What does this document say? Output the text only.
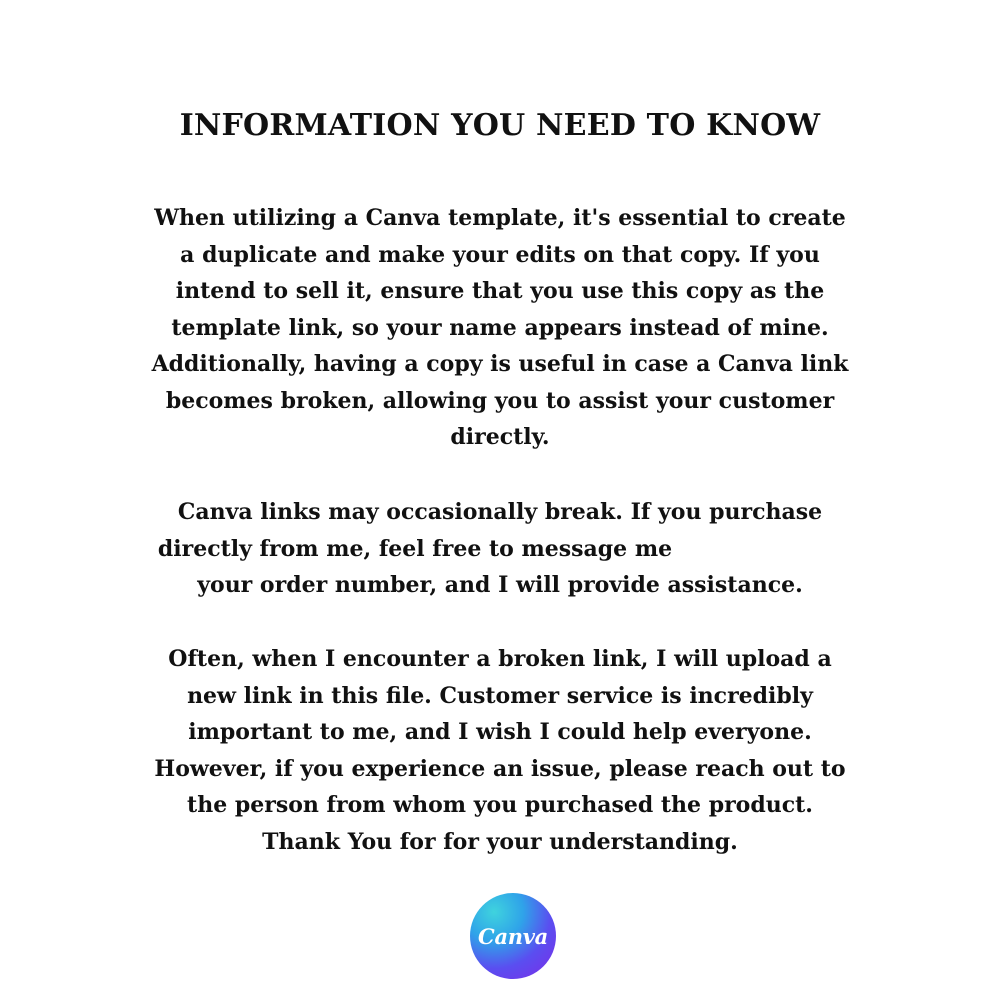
INFORMATION YOU NEED TO KNOW
When utilizing a Canva template, it's essential to create
a duplicate and make your edits on that copy. If you
intend to sell it, ensure that you use this copy as the
template link, so your name appears instead of mine.
Additionally, having a copy is useful in case a Canva link
becomes broken, allowing you to assist your customer
directly.
Canva links may occasionally break. If you purchase
directly from me, feel free to message me
your order number, and I will provide assistance.
Often, when I encounter a broken link, I will upload a
new link in this file. Customer service is incredibly
important to me, and I wish I could help everyone.
However, if you experience an issue, please reach out to
the person from whom you purchased the product.
Thank You for for your understanding.
Canva
